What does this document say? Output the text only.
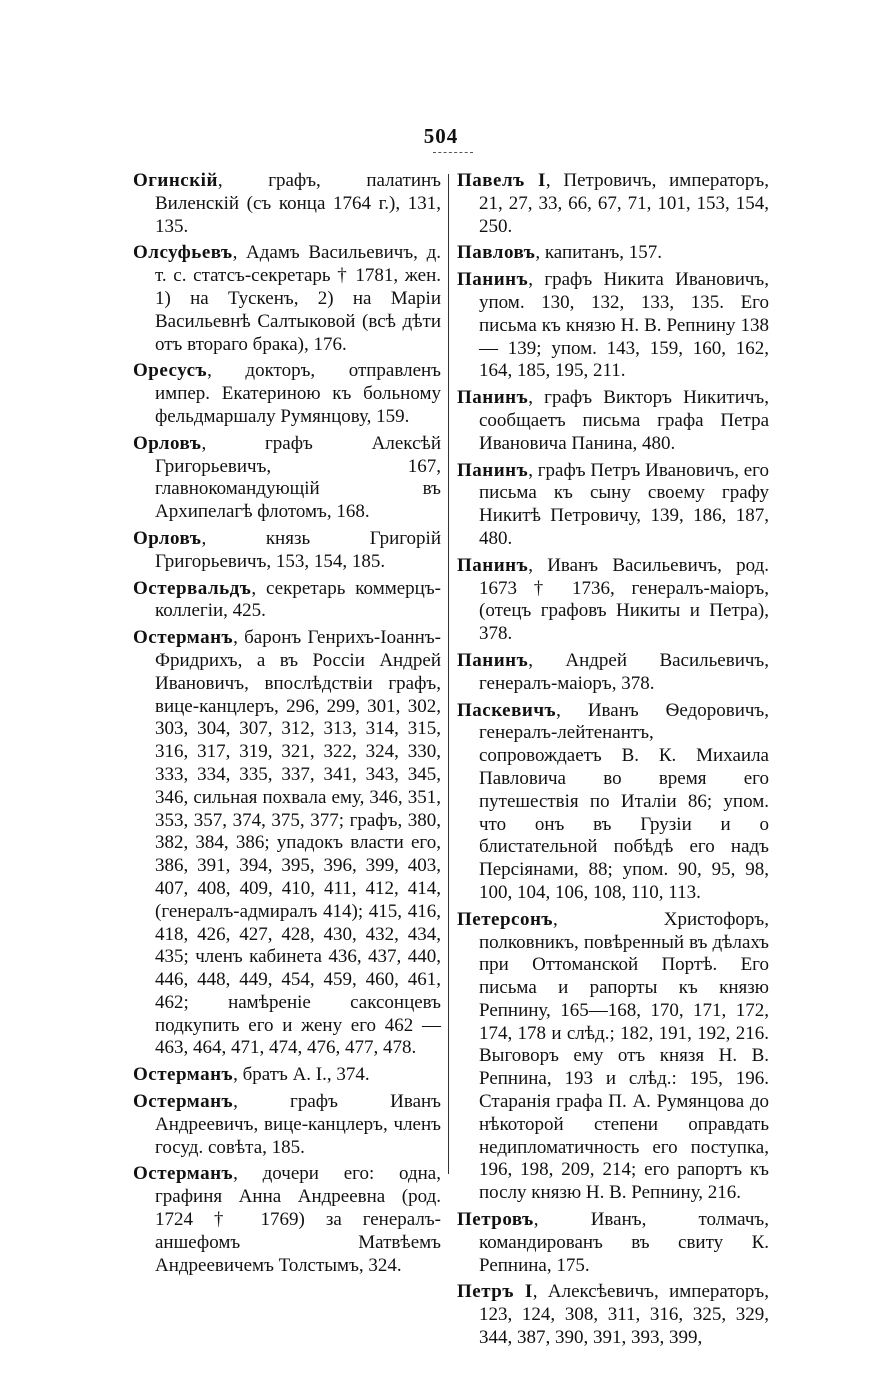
504

Огинскій, графъ, палатинъ Виленскій (съ конца 1764 г.), 131, 135.

Олсуфьевъ, Адамъ Васильевичъ, д. т. с. статсъ-секретарь † 1781, жен. 1) на Тускенъ, 2) на Маріи Васильевнѣ Салтыковой (всѣ дѣти отъ втораго брака), 176.

Оресусъ, докторъ, отправленъ импер. Екатериною къ больному фельдмаршалу Румянцову, 159.

Орловъ, графъ Алексѣй Григорьевичъ, 167, главнокомандующій въ Архипелагѣ флотомъ, 168.

Орловъ, князь Григорій Григорьевичъ, 153, 154, 185.

Остервальдъ, секретарь коммерцъ-коллегіи, 425.

Остерманъ, баронъ Генрихъ-Іоаннъ-Фридрихъ, а въ Россіи Андрей Ивановичъ, впослѣдствіи графъ, вице-канцлеръ, 296, 299, 301, 302, 303, 304, 307, 312, 313, 314, 315, 316, 317, 319, 321, 322, 324, 330, 333, 334, 335, 337, 341, 343, 345, 346, сильная похвала ему, 346, 351, 353, 357, 374, 375, 377; графъ, 380, 382, 384, 386; упадокъ власти его, 386, 391, 394, 395, 396, 399, 403, 407, 408, 409, 410, 411, 412, 414, (генералъ-адмиралъ 414); 415, 416, 418, 426, 427, 428, 430, 432, 434, 435; членъ кабинета 436, 437, 440, 446, 448, 449, 454, 459, 460, 461, 462; намѣреніе саксонцевъ подкупить его и жену его 462 — 463, 464, 471, 474, 476, 477, 478.

Остерманъ, братъ А. І., 374.

Остерманъ, графъ Иванъ Андреевичъ, вице-канцлеръ, членъ госуд. совѣта, 185.

Остерманъ, дочери его: одна, графиня Анна Андреевна (род. 1724 † 1769) за генералъ-аншефомъ Матвѣемъ Андреевичемъ Толстымъ, 324.

Павелъ І, Петровичъ, императоръ, 21, 27, 33, 66, 67, 71, 101, 153, 154, 250.

Павловъ, капитанъ, 157.

Панинъ, графъ Никита Ивановичъ, упом. 130, 132, 133, 135. Его письма къ князю Н. В. Репнину 138 — 139; упом. 143, 159, 160, 162, 164, 185, 195, 211.

Панинъ, графъ Викторъ Никитичъ, сообщаетъ письма графа Петра Ивановича Панина, 480.

Панинъ, графъ Петръ Ивановичъ, его письма къ сыну своему графу Никитѣ Петровичу, 139, 186, 187, 480.

Панинъ, Иванъ Васильевичъ, род. 1673 † 1736, генералъ-маіоръ, (отецъ графовъ Никиты и Петра), 378.

Панинъ, Андрей Васильевичъ, генералъ-маіоръ, 378.

Паскевичъ, Иванъ Ѳедоровичъ, генералъ-лейтенантъ, сопровождаетъ В. К. Михаила Павловича во время его путешествія по Италіи 86; упом. что онъ въ Грузіи и о блистательной побѣдѣ его надъ Персіянами, 88; упом. 90, 95, 98, 100, 104, 106, 108, 110, 113.

Петерсонъ, Христофоръ, полковникъ, повѣренный въ дѣлахъ при Оттоманской Портѣ. Его письма и рапорты къ князю Репнину, 165—168, 170, 171, 172, 174, 178 и слѣд.; 182, 191, 192, 216. Выговоръ ему отъ князя Н. В. Репнина, 193 и слѣд.: 195, 196. Старанія графа П. А. Румянцова до нѣкоторой степени оправдать недипломатичность его поступка, 196, 198, 209, 214; его рапортъ къ послу князю Н. В. Репнину, 216.

Петровъ, Иванъ, толмачъ, командированъ въ свиту К. Репнина, 175.

Петръ І, Алексѣевичъ, императоръ, 123, 124, 308, 311, 316, 325, 329, 344, 387, 390, 391, 393, 399,
